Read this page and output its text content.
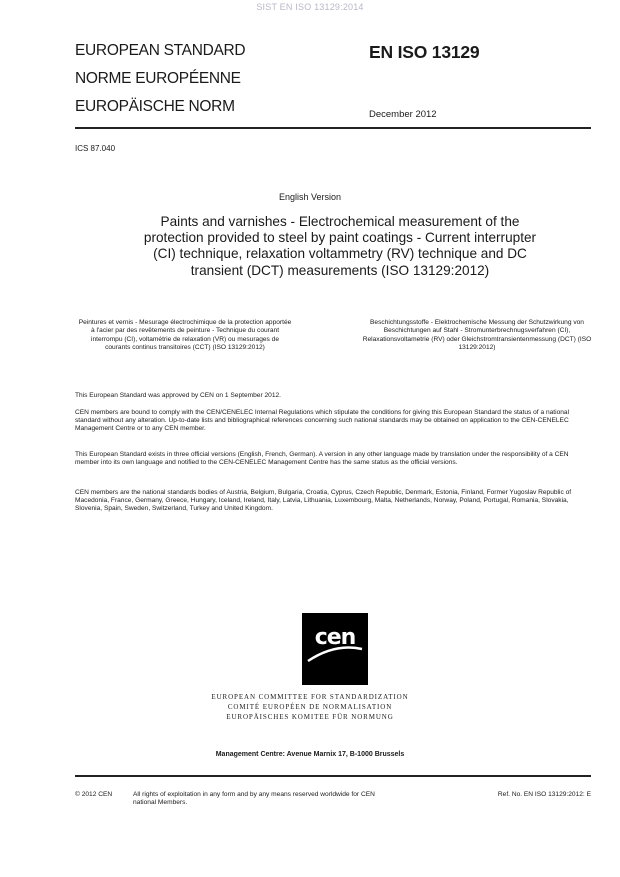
SIST EN ISO 13129:2014
EUROPEAN STANDARD
NORME EUROPÉENNE
EUROPÄISCHE NORM
EN ISO 13129
December 2012
ICS 87.040
English Version
Paints and varnishes - Electrochemical measurement of the protection provided to steel by paint coatings - Current interrupter (CI) technique, relaxation voltammetry (RV) technique and DC transient (DCT) measurements (ISO 13129:2012)
Peintures et vernis - Mesurage électrochimique de la protection apportée à l'acier par des revêtements de peinture - Technique du courant interrompu (CI), voltamétrie de relaxation (VR) ou mesurages de courants continus transitoires (CCT) (ISO 13129:2012)
Beschichtungsstoffe - Elektrochemische Messung der Schutzwirkung von Beschichtungen auf Stahl - Stromunterbrechnugsverfahren (CI), Relaxationsvoltametrie (RV) oder Gleichstromtransientenmessung (DCT) (ISO 13129:2012)
This European Standard was approved by CEN on 1 September 2012.
CEN members are bound to comply with the CEN/CENELEC Internal Regulations which stipulate the conditions for giving this European Standard the status of a national standard without any alteration. Up-to-date lists and bibliographical references concerning such national standards may be obtained on application to the CEN-CENELEC Management Centre or to any CEN member.
This European Standard exists in three official versions (English, French, German). A version in any other language made by translation under the responsibility of a CEN member into its own language and notified to the CEN-CENELEC Management Centre has the same status as the official versions.
CEN members are the national standards bodies of Austria, Belgium, Bulgaria, Croatia, Cyprus, Czech Republic, Denmark, Estonia, Finland, Former Yugoslav Republic of Macedonia, France, Germany, Greece, Hungary, Iceland, Ireland, Italy, Latvia, Lithuania, Luxembourg, Malta, Netherlands, Norway, Poland, Portugal, Romania, Slovakia, Slovenia, Spain, Sweden, Switzerland, Turkey and United Kingdom.
cen
EUROPEAN COMMITTEE FOR STANDARDIZATION
COMITÉ EUROPÉEN DE NORMALISATION
EUROPÄISCHES KOMITEE FÜR NORMUNG
Management Centre: Avenue Marnix 17, B-1000 Brussels
© 2012 CEN	All rights of exploitation in any form and by any means reserved worldwide for CEN national Members.
Ref. No. EN ISO 13129:2012: E
